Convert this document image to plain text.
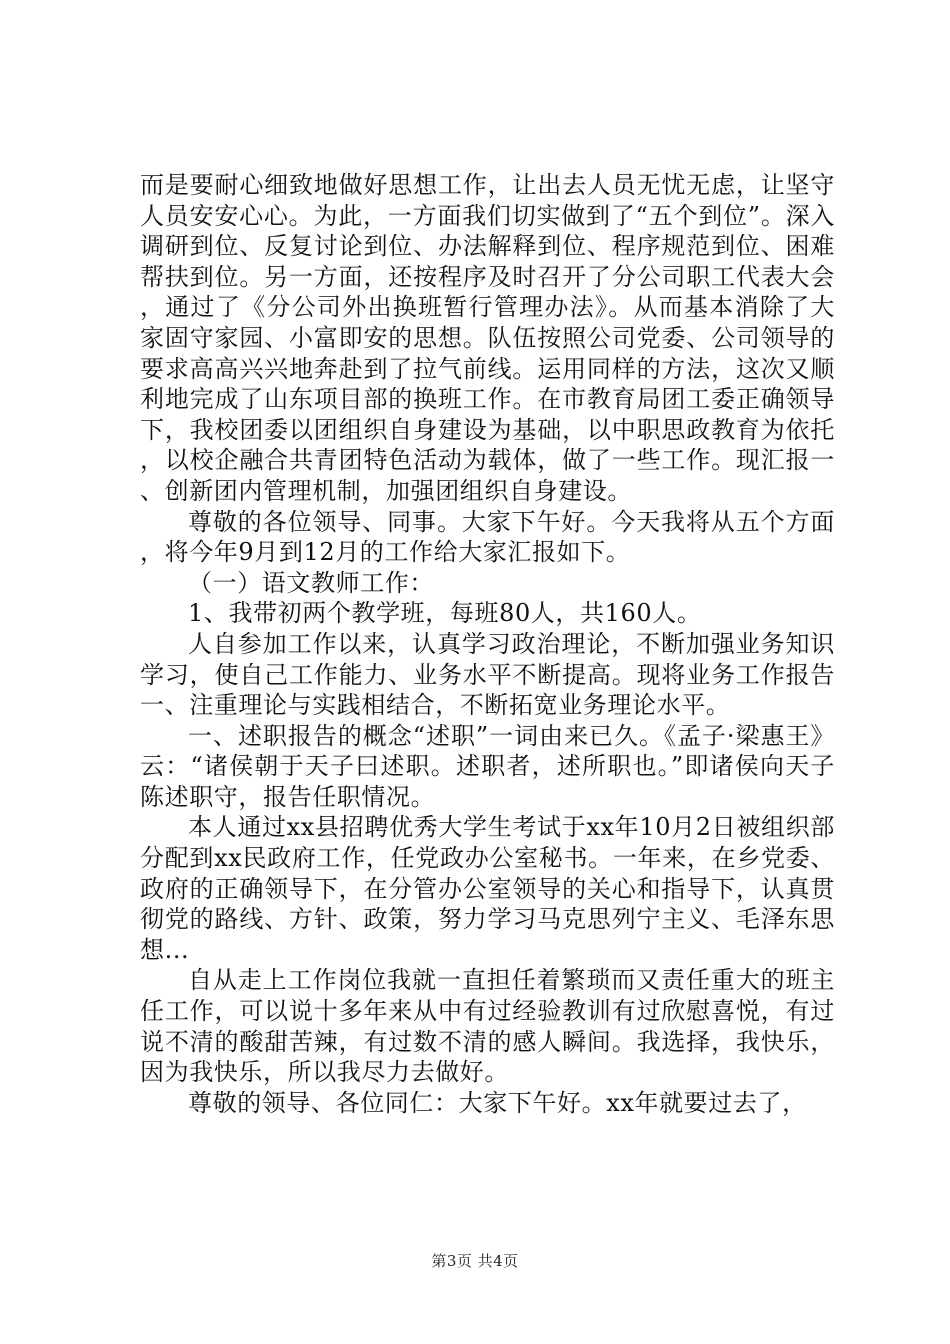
而是要耐心细致地做好思想工作，让出去人员无忧无虑，让坚守人员安安心心。为此，一方面我们切实做到了“五个到位”。深入调研到位、反复讨论到位、办法解释到位、程序规范到位、困难帮扶到位。另一方面，还按程序及时召开了分公司职工代表大会，通过了《分公司外出换班暂行管理办法》。从而基本消除了大家固守家园、小富即安的思想。队伍按照公司党委、公司领导的要求高高兴兴地奔赴到了拉气前线。运用同样的方法，这次又顺利地完成了山东项目部的换班工作。在市教育局团工委正确领导下，我校团委以团组织自身建设为基础，以中职思政教育为依托，以校企融合共青团特色活动为载体，做了一些工作。现汇报一、创新团内管理机制，加强团组织自身建设。

尊敬的各位领导、同事。大家下午好。今天我将从五个方面，将今年9月到12月的工作给大家汇报如下。

（一）语文教师工作：

1、我带初两个教学班，每班80人，共160人。

人自参加工作以来，认真学习政治理论，不断加强业务知识学习，使自己工作能力、业务水平不断提高。现将业务工作报告一、注重理论与实践相结合，不断拓宽业务理论水平。

一、述职报告的概念“述职”一词由来已久。《孟子·梁惠王》云：“诸侯朝于天子曰述职。述职者，述所职也。”即诸侯向天子陈述职守，报告任职情况。

本人通过xx县招聘优秀大学生考试于xx年10月2日被组织部分配到xx民政府工作，任党政办公室秘书。一年来，在乡党委、政府的正确领导下，在分管办公室领导的关心和指导下，认真贯彻党的路线、方针、政策，努力学习马克思列宁主义、毛泽东思想...

自从走上工作岗位我就一直担任着繁琐而又责任重大的班主任工作，可以说十多年来从中有过经验教训有过欣慰喜悦，有过说不清的酸甜苦辣，有过数不清的感人瞬间。我选择，我快乐，因为我快乐，所以我尽力去做好。

尊敬的领导、各位同仁：大家下午好。xx年就要过去了，

第3页 共4页
